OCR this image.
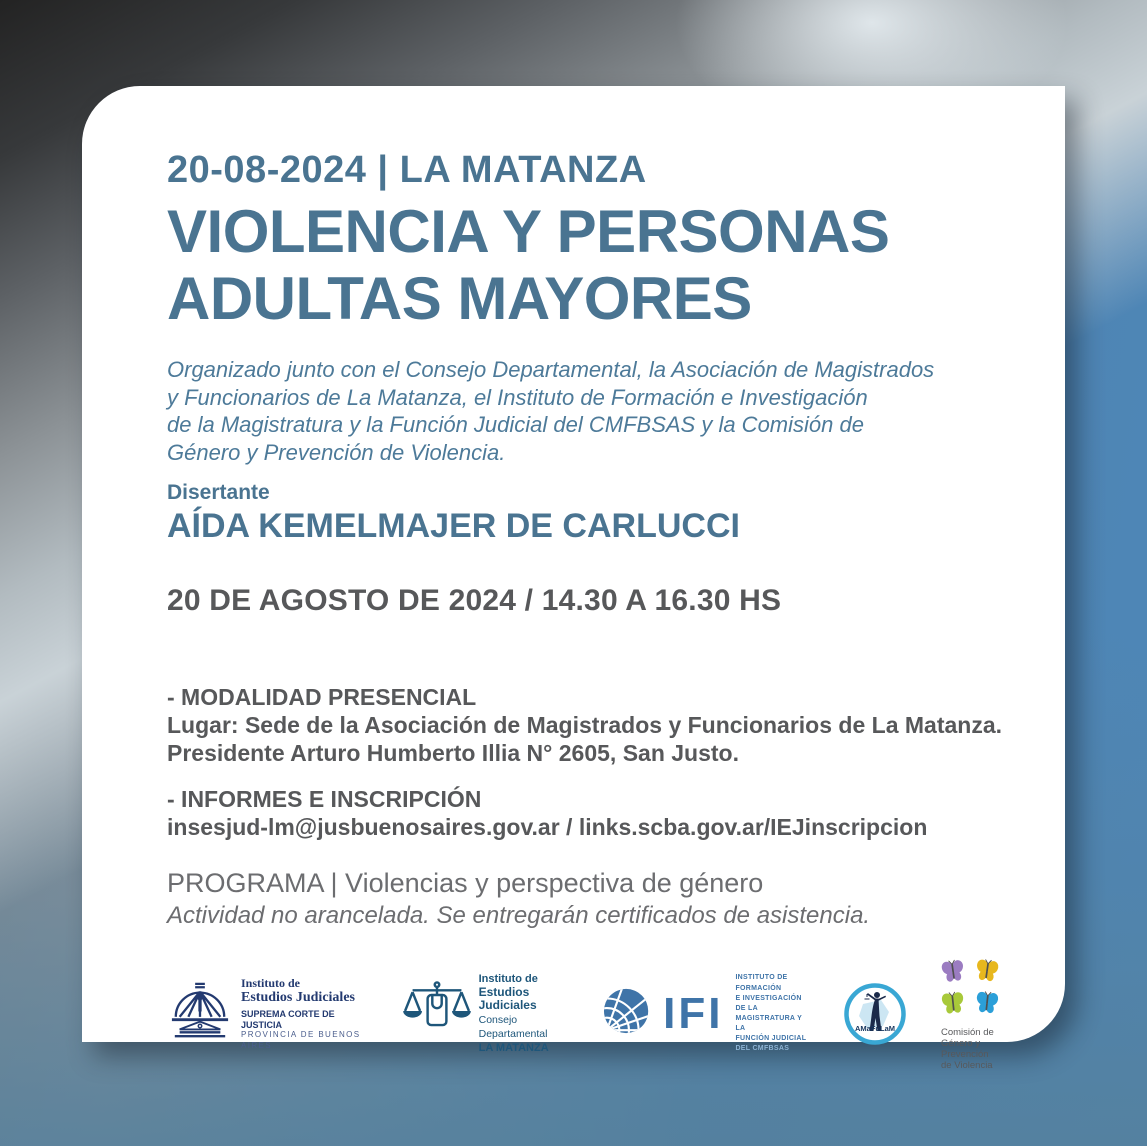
20-08-2024 | LA MATANZA
VIOLENCIA Y PERSONAS
ADULTAS MAYORES
Organizado junto con el Consejo Departamental, la Asociación de Magistrados
y Funcionarios de La Matanza, el Instituto de Formación e Investigación
de la Magistratura y la Función Judicial del CMFBSAS y la Comisión de
Género y Prevención de Violencia.
Disertante
AÍDA KEMELMAJER DE CARLUCCI
20 DE AGOSTO DE 2024 / 14.30 A 16.30 HS
- MODALIDAD PRESENCIAL
Lugar: Sede de la Asociación de Magistrados y Funcionarios de La Matanza.
Presidente Arturo Humberto Illia N° 2605, San Justo.
- INFORMES E INSCRIPCIÓN
insesjud-lm@jusbuenosaires.gov.ar / links.scba.gov.ar/IEJinscripcion
PROGRAMA | Violencias y perspectiva de género
Actividad no arancelada. Se entregarán certificados de asistencia.
Instituto de
Estudios Judiciales
SUPREMA CORTE DE JUSTICIA
PROVINCIA DE BUENOS AIRES
Instituto de
Estudios Judiciales
Consejo Departamental
LA MATANZA
IFI
INSTITUTO DE FORMACIÓN
E INVESTIGACIÓN DE LA
MAGISTRATURA Y LA
FUNCIÓN JUDICIAL
DEL CMFBSAS
AMaFuLaM	Comisión de
Género y
Prevención
de Violencia
